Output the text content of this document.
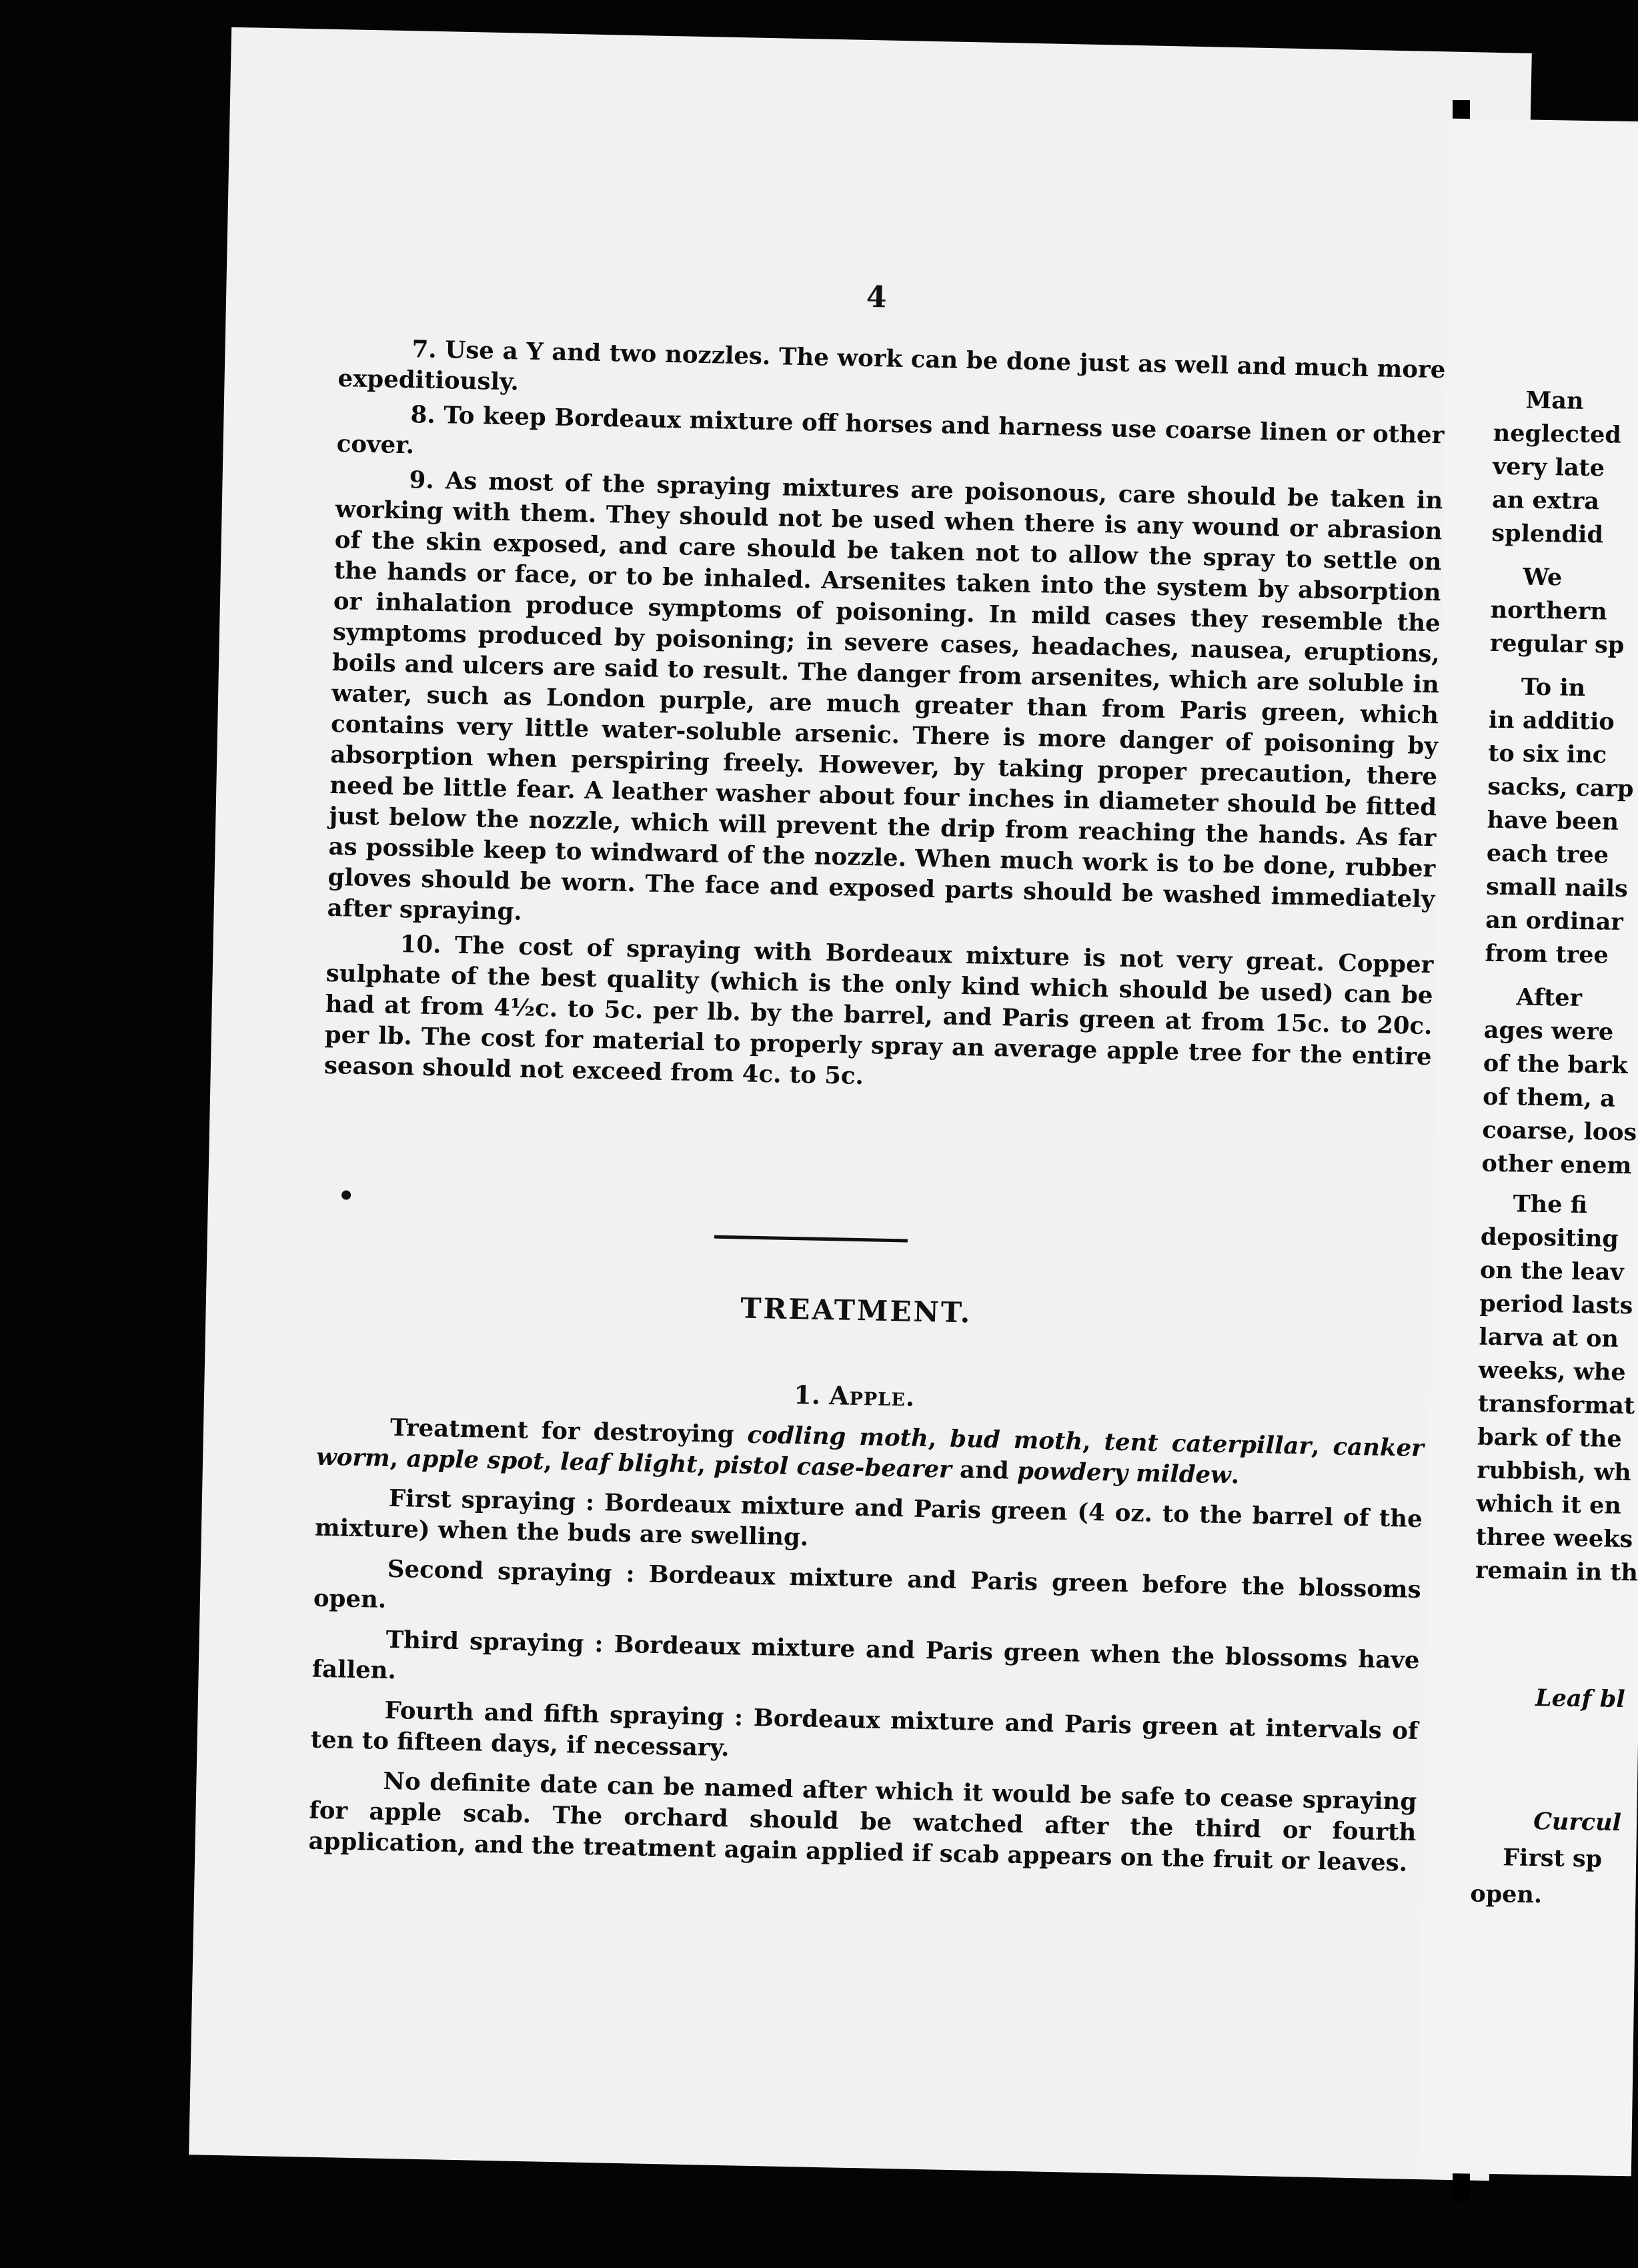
4

7. Use a Y and two nozzles. The work can be done just as well and much more expeditiously.

8. To keep Bordeaux mixture off horses and harness use coarse linen or other cover.

9. As most of the spraying mixtures are poisonous, care should be taken in working with them. They should not be used when there is any wound or abrasion of the skin exposed, and care should be taken not to allow the spray to settle on the hands or face, or to be inhaled. Arsenites taken into the system by absorption or inhalation produce symptoms of poisoning. In mild cases they resemble the symptoms produced by poisoning; in severe cases, headaches, nausea, eruptions, boils and ulcers are said to result. The danger from arsenites, which are soluble in water, such as London purple, are much greater than from Paris green, which contains very little water-soluble arsenic. There is more danger of poisoning by absorption when perspiring freely. However, by taking proper precaution, there need be little fear. A leather washer about four inches in diameter should be fitted just below the nozzle, which will prevent the drip from reaching the hands. As far as possible keep to windward of the nozzle. When much work is to be done, rubber gloves should be worn. The face and exposed parts should be washed immediately after spraying.

10. The cost of spraying with Bordeaux mixture is not very great. Copper sulphate of the best quality (which is the only kind which should be used) can be had at from 4½c. to 5c. per lb. by the barrel, and Paris green at from 15c. to 20c. per lb. The cost for material to properly spray an average apple tree for the entire season should not exceed from 4c. to 5c.

TREATMENT.
1. Apple.

Treatment for destroying codling moth, bud moth, tent caterpillar, canker worm, apple spot, leaf blight, pistol case-bearer and powdery mildew.

First spraying : Bordeaux mixture and Paris green (4 oz. to the barrel of the mixture) when the buds are swelling.

Second spraying : Bordeaux mixture and Paris green before the blossoms open.

Third spraying : Bordeaux mixture and Paris green when the blossoms have fallen.

Fourth and fifth spraying : Bordeaux mixture and Paris green at intervals of ten to fifteen days, if necessary.

No definite date can be named after which it would be safe to cease spraying for apple scab. The orchard should be watched after the third or fourth application, and the treatment again applied if scab appears on the fruit or leaves.

Man
neglected
very late
an extra
splendid
We
northern
regular sp
To in
in additio
to six inc
sacks, carp
have been
each tree
small nails
an ordinar
from tree
After
ages were
of the bark
of them, a
coarse, loos
other enem
The fi
depositing
on the leav
period lasts
larva at on
weeks, whe
transformat
bark of the
rubbish, wh
which it en
three weeks
remain in th
Leaf bl
Curcul
First sp
open.
